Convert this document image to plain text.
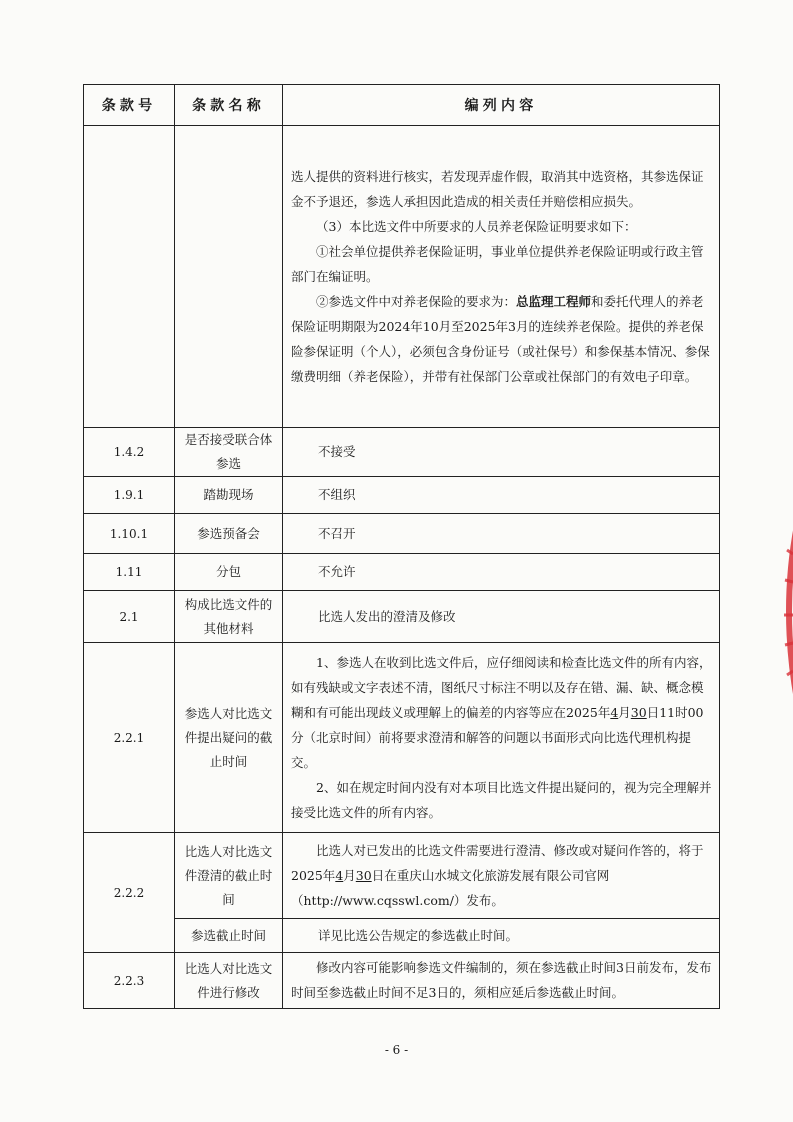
条款号	条款名称	编列内容

		选人提供的资料进行核实，若发现弄虚作假，取消其中选资格，其参选保证金不予退还，参选人承担因此造成的相关责任并赔偿相应损失。

（3）本比选文件中所要求的人员养老保险证明要求如下：

①社会单位提供养老保险证明，事业单位提供养老保险证明或行政主管部门在编证明。

②参选文件中对养老保险的要求为：总监理工程师和委托代理人的养老保险证明期限为2024年10月至2025年3月的连续养老保险。提供的养老保险参保证明（个人），必须包含身份证号（或社保号）和参保基本情况、参保缴费明细（养老保险），并带有社保部门公章或社保部门的有效电子印章。

1.4.2	是否接受联合体参选	不接受
1.9.1	踏勘现场	不组织
1.10.1	参选预备会	不召开
1.11	分包	不允许
2.1	构成比选文件的其他材料	比选人发出的澄清及修改
2.2.1	参选人对比选文件提出疑问的截止时间	1、参选人在收到比选文件后，应仔细阅读和检查比选文件的所有内容，如有残缺或文字表述不清，图纸尺寸标注不明以及存在错、漏、缺、概念模糊和有可能出现歧义或理解上的偏差的内容等应在2025年4月30日11时00分（北京时间）前将要求澄清和解答的问题以书面形式向比选代理机构提交。

2、如在规定时间内没有对本项目比选文件提出疑问的，视为完全理解并接受比选文件的所有内容。

2.2.2	比选人对比选文件澄清的截止时间	比选人对已发出的比选文件需要进行澄清、修改或对疑问作答的，将于2025年4月30日在重庆山水城文化旅游发展有限公司官网（http://www.cqsswl.com/）发布。

	参选截止时间	详见比选公告规定的参选截止时间。
2.2.3	比选人对比选文件进行修改	修改内容可能影响参选文件编制的，须在参选截止时间3日前发布，发布时间至参选截止时间不足3日的，须相应延后参选截止时间。

- 6 -
